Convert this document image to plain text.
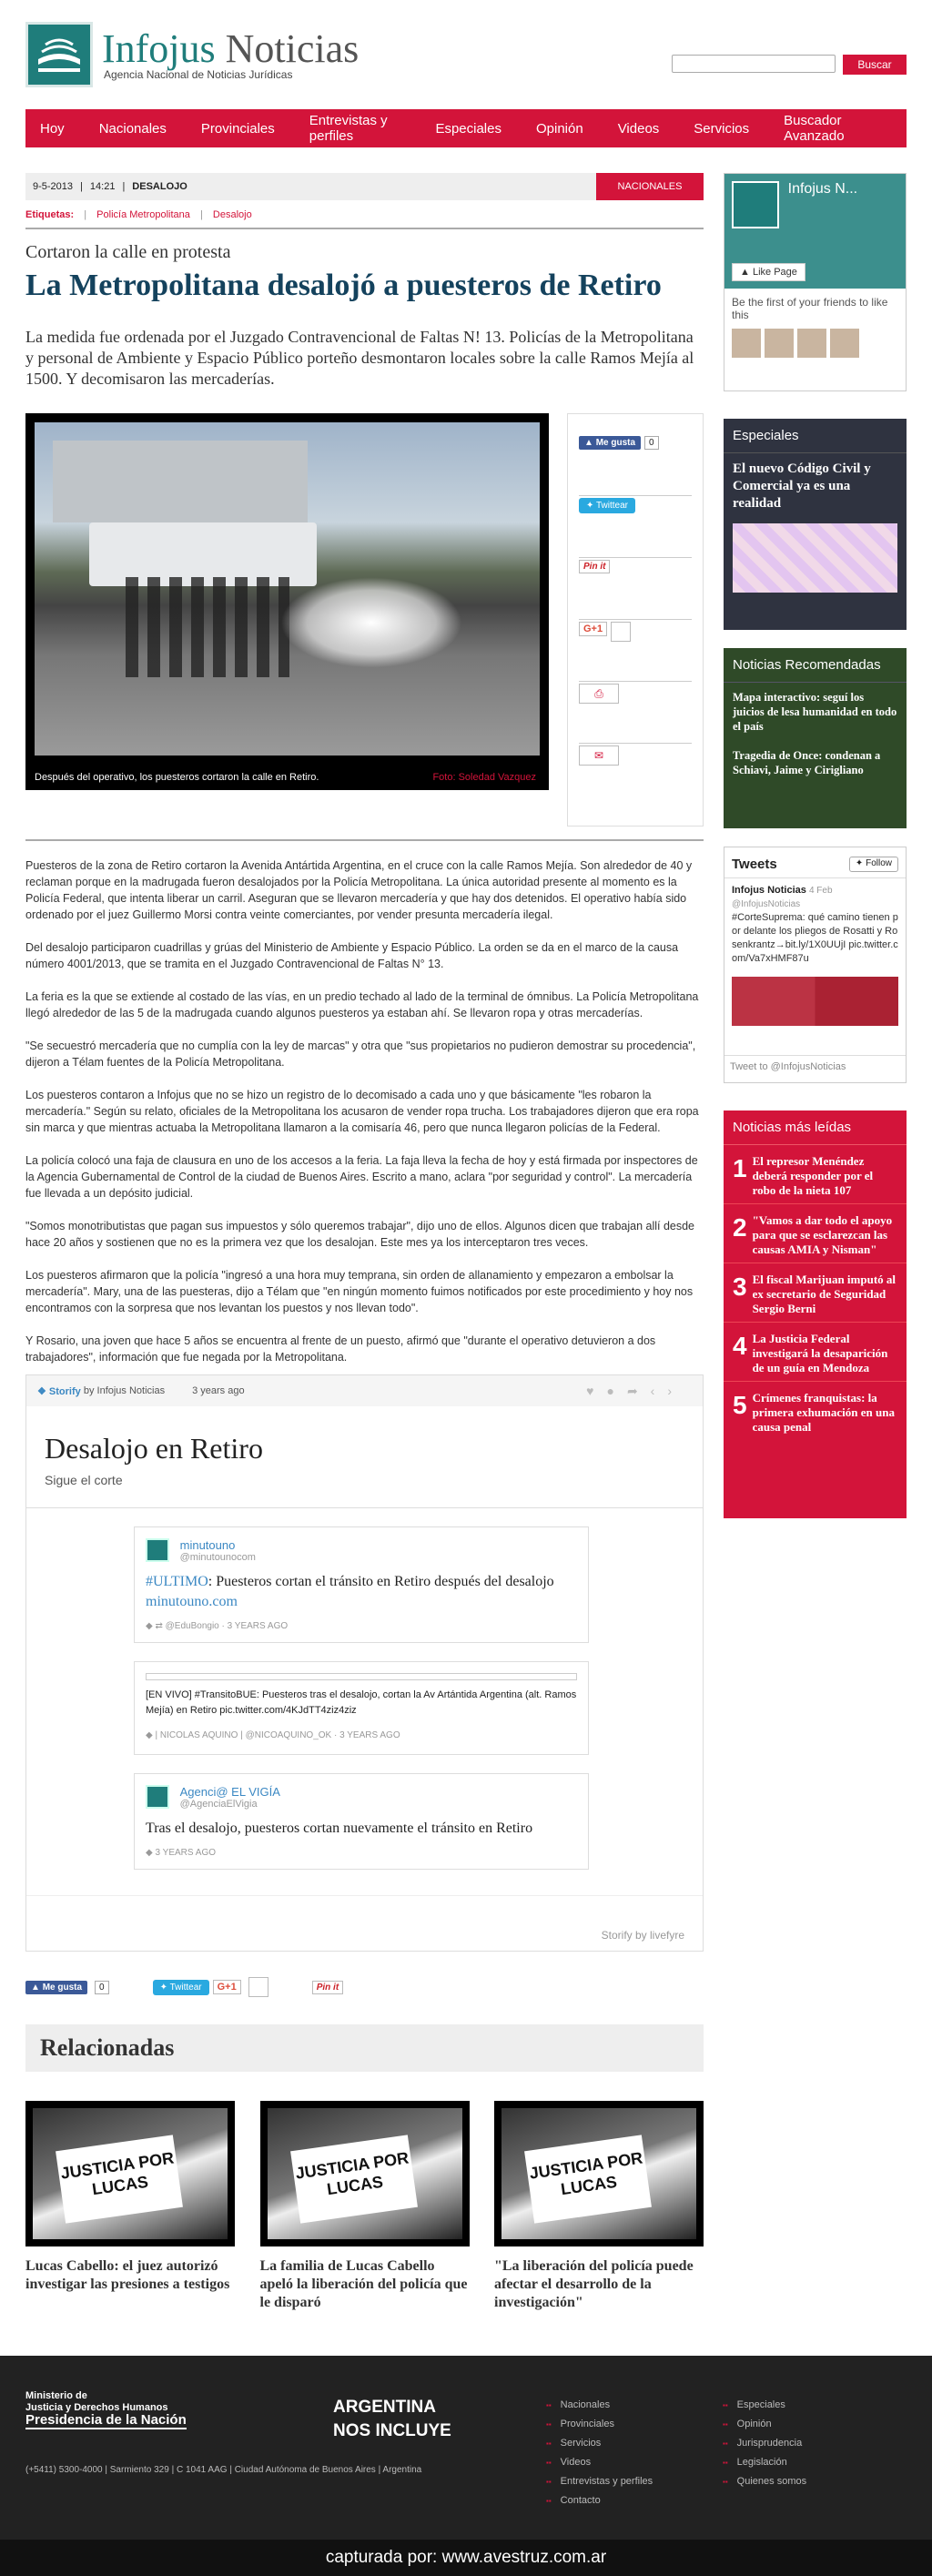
Infojus Noticias
Agencia Nacional de Noticias Jurídicas
Buscar
Hoy	Nacionales	Provinciales	Entrevistas y perfiles	Especiales	Opinión	Videos	Servicios	Buscador Avanzado
9-5-2013 | 14:21 | DESALOJO	NACIONALES
Etiquetas: | Policía Metropolitana | Desalojo
Cortaron la calle en protesta
La Metropolitana desalojó a puesteros de Retiro
La medida fue ordenada por el Juzgado Contravencional de Faltas N! 13. Policías de la Metropolitana y personal de Ambiente y Espacio Público porteño desmontaron locales sobre la calle Ramos Mejía al 1500. Y decomisaron las mercaderías.
Después del operativo, los puesteros cortaron la calle en Retiro.	Foto: Soledad Vazquez
▲ Me gusta	0
✦ Twittear
Pin it
G+1
⎙
✉

Puesteros de la zona de Retiro cortaron la Avenida Antártida Argentina, en el cruce con la calle Ramos Mejía. Son alrededor de 40 y reclaman porque en la madrugada fueron desalojados por la Policía Metropolitana. La única autoridad presente al momento es la Policía Federal, que intenta liberar un carril. Aseguran que se llevaron mercadería y que hay dos detenidos. El operativo había sido ordenado por el juez Guillermo Morsi contra veinte comerciantes, por vender presunta mercadería ilegal.

Del desalojo participaron cuadrillas y grúas del Ministerio de Ambiente y Espacio Público. La orden se da en el marco de la causa número 4001/2013, que se tramita en el Juzgado Contravencional de Faltas N° 13.

La feria es la que se extiende al costado de las vías, en un predio techado al lado de la terminal de ómnibus. La Policía Metropolitana llegó alrededor de las 5 de la madrugada cuando algunos puesteros ya estaban ahí. Se llevaron ropa y otras mercaderías.

"Se secuestró mercadería que no cumplía con la ley de marcas" y otra que "sus propietarios no pudieron demostrar su procedencia", dijeron a Télam fuentes de la Policía Metropolitana.

Los puesteros contaron a Infojus que no se hizo un registro de lo decomisado a cada uno y que básicamente "les robaron la mercadería." Según su relato, oficiales de la Metropolitana los acusaron de vender ropa trucha. Los trabajadores dijeron que era ropa sin marca y que mientras actuaba la Metropolitana llamaron a la comisaría 46, pero que nunca llegaron policías de la Federal.

La policía colocó una faja de clausura en uno de los accesos a la feria. La faja lleva la fecha de hoy y está firmada por inspectores de la Agencia Gubernamental de Control de la ciudad de Buenos Aires. Escrito a mano, aclara "por seguridad y control". La mercadería fue llevada a un depósito judicial.

"Somos monotributistas que pagan sus impuestos y sólo queremos trabajar", dijo uno de ellos. Algunos dicen que trabajan allí desde hace 20 años y sostienen que no es la primera vez que los desalojan. Este mes ya los interceptaron tres veces.

Los puesteros afirmaron que la policía "ingresó a una hora muy temprana, sin orden de allanamiento y empezaron a embolsar la mercadería". Mary, una de las puesteras, dijo a Télam que "en ningún momento fuimos notificados por este procedimiento y hoy nos encontramos con la sorpresa que nos levantan los puestos y nos llevan todo".

Y Rosario, una joven que hace 5 años se encuentra al frente de un puesto, afirmó que "durante el operativo detuvieron a dos trabajadores", información que fue negada por la Metropolitana.

❖ Storify
by
Infojus Noticias	3 years ago	♥●➦‹›
Desalojo en Retiro
Sigue el corte

minutouno
@minutounocom
#ULTIMO: Puesteros cortan el tránsito en Retiro después del desalojo minutouno.com
◆ ⇄ @EduBongio · 3 YEARS AGO
[EN VIVO] #TransitoBUE: Puesteros tras el desalojo, cortan la Av Artántida Argentina (alt. Ramos Mejía) en Retiro pic.twitter.com/4KJdTT4ziz4ziz
◆ | NICOLAS AQUINO | @NICOAQUINO_OK · 3 YEARS AGO

Agenci@ EL VIGÍA
@AgenciaElVigia
Tras el desalojo, puesteros cortan nuevamente el tránsito en Retiro
◆ 3 YEARS AGO
Storify by livefyre
▲ Me gusta	0	✦ Twittear	G+1	Pin it
Relacionadas
JUSTICIA POR LUCAS
Lucas Cabello: el juez autorizó investigar las presiones a testigos
JUSTICIA POR LUCAS
La familia de Lucas Cabello apeló la liberación del policía que le disparó
JUSTICIA POR LUCAS
"La liberación del policía puede afectar el desarrollo de la investigación"
Infojus N...
▲ Like Page
Be the first of your friends to like this
Especiales
El nuevo Código Civil y Comercial ya es una realidad
Noticias Recomendadas
Mapa interactivo: seguí los juicios de lesa humanidad en todo el país
Tragedia de Once: condenan a Schiavi, Jaime y Cirigliano
Tweets	✦ Follow
Infojus Noticias 4 Feb
@InfojusNoticias
#CorteSuprema: qué camino tienen por delante los pliegos de Rosatti y Rosenkrantz→bit.ly/1X0UUjI pic.twitter.com/Va7xHMF87u
Tweet to @InfojusNoticias
Noticias más leídas
1 El represor Menéndez deberá responder por el robo de la nieta 107
2 "Vamos a dar todo el apoyo para que se esclarezcan las causas AMIA y Nisman"
3 El fiscal Marijuan imputó al ex secretario de Seguridad Sergio Berni
4 La Justicia Federal investigará la desaparición de un guía en Mendoza
5 Crímenes franquistas: la primera exhumación en una causa penal
Ministerio de
Justicia y Derechos Humanos
Presidencia de la Nación
(+5411) 5300-4000 | Sarmiento 329 | C 1041 AAG | Ciudad Autónoma de Buenos Aires | Argentina
ARGENTINA
NOS INCLUYE
▪▪ Nacionales
▪▪ Provinciales
▪▪ Servicios
▪▪ Videos
▪▪ Entrevistas y perfiles
▪▪ Contacto
▪▪ Especiales
▪▪ Opinión
▪▪ Jurisprudencia
▪▪ Legislación
▪▪ Quienes somos
capturada por: www.avestruz.com.ar
